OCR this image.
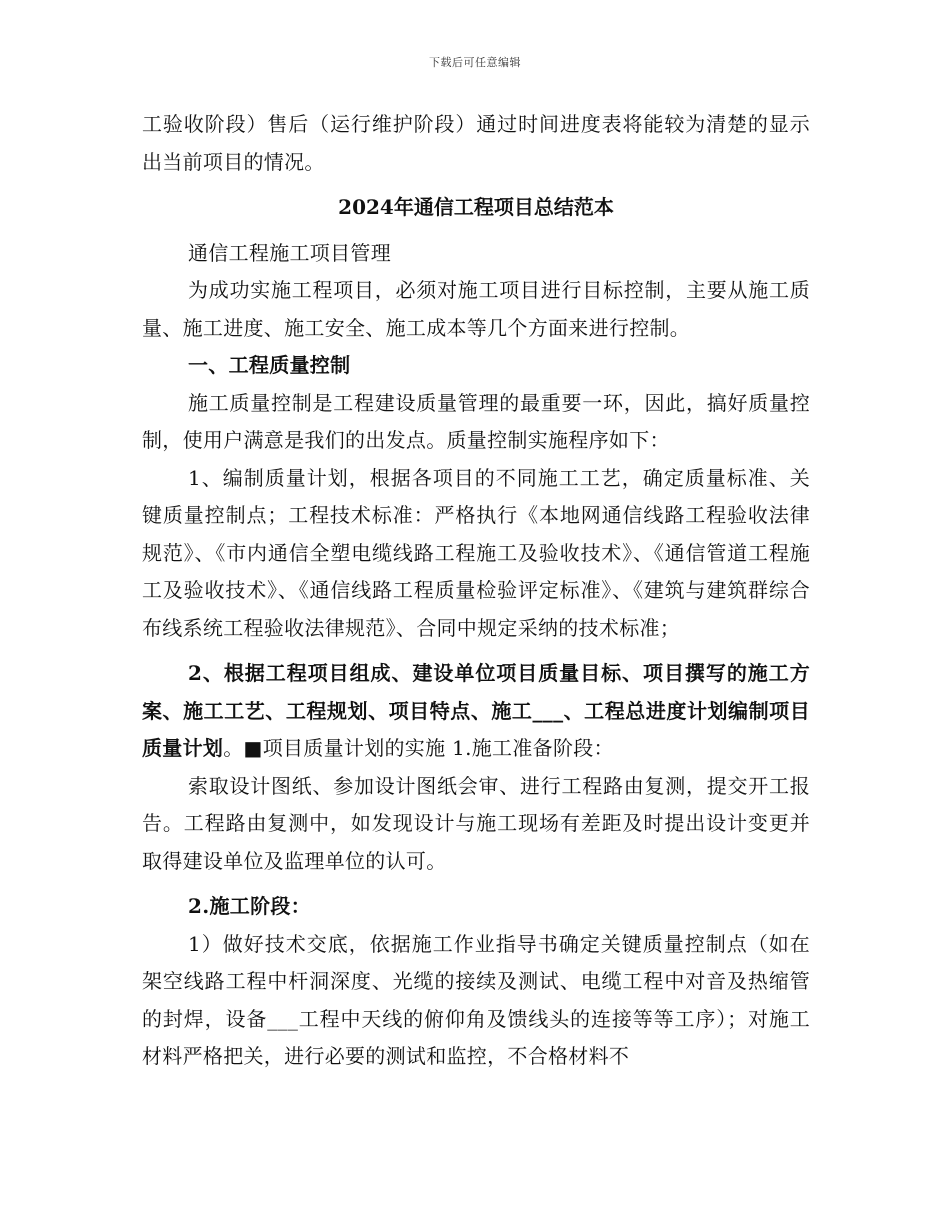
下载后可任意编辑

工验收阶段）售后（运行维护阶段）通过时间进度表将能较为清楚的显示出当前项目的情况。

2024年通信工程项目总结范本

通信工程施工项目管理

为成功实施工程项目，必须对施工项目进行目标控制，主要从施工质量、施工进度、施工安全、施工成本等几个方面来进行控制。

一、工程质量控制

施工质量控制是工程建设质量管理的最重要一环，因此，搞好质量控制，使用户满意是我们的出发点。质量控制实施程序如下：

1、编制质量计划，根据各项目的不同施工工艺，确定质量标准、关键质量控制点；工程技术标准：严格执行《本地网通信线路工程验收法律规范》、《市内通信全塑电缆线路工程施工及验收技术》、《通信管道工程施工及验收技术》、《通信线路工程质量检验评定标准》、《建筑与建筑群综合布线系统工程验收法律规范》、合同中规定采纳的技术标准；

2、根据工程项目组成、建设单位项目质量目标、项目撰写的施工方案、施工工艺、工程规划、项目特点、施工___、工程总进度计划编制项目质量计划。■项目质量计划的实施 1.施工准备阶段：

索取设计图纸、参加设计图纸会审、进行工程路由复测，提交开工报告。工程路由复测中，如发现设计与施工现场有差距及时提出设计变更并取得建设单位及监理单位的认可。

2.施工阶段：

1）做好技术交底，依据施工作业指导书确定关键质量控制点（如在架空线路工程中杆洞深度、光缆的接续及测试、电缆工程中对音及热缩管的封焊，设备___工程中天线的俯仰角及馈线头的连接等等工序）；对施工材料严格把关，进行必要的测试和监控，不合格材料不
